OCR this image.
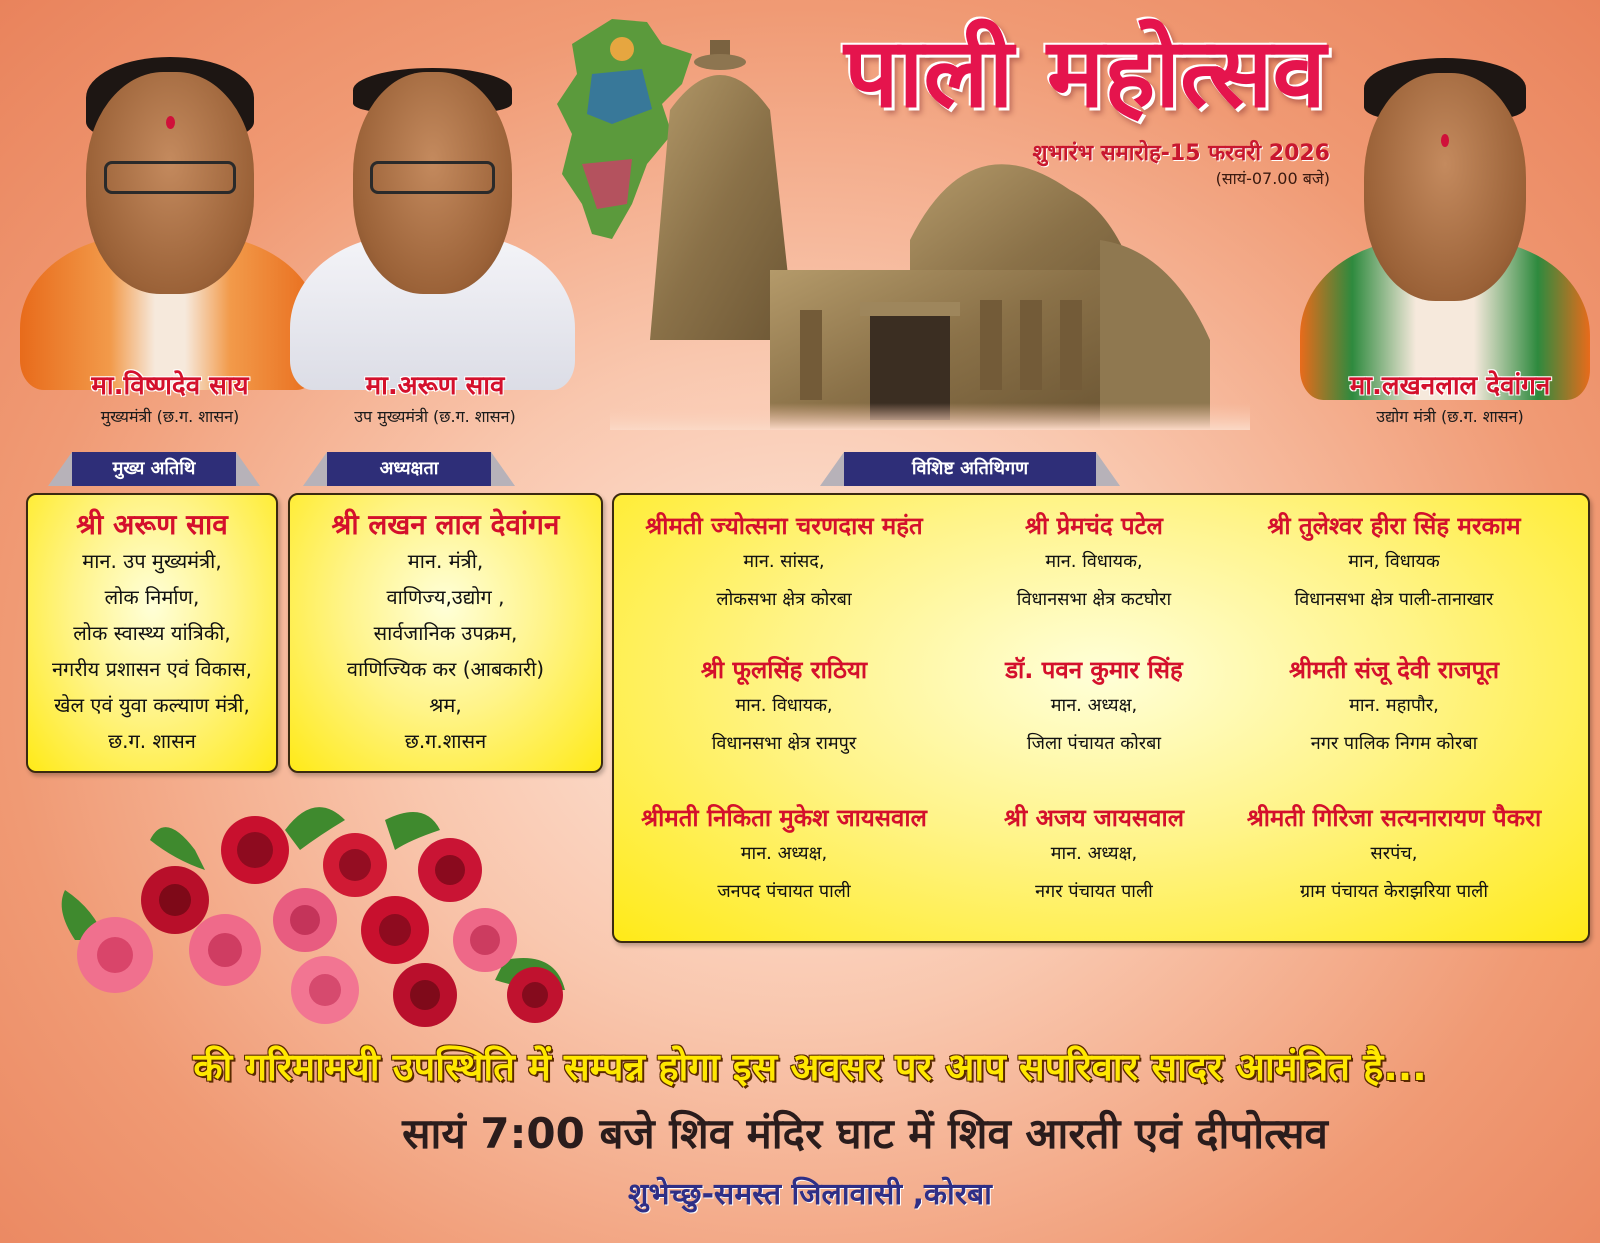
पाली महोत्सव
शुभारंभ समारोह-15 फरवरी 2026
(सायं-07.00 बजे)
मा.विष्णदेव साय
मुख्यमंत्री (छ.ग. शासन)
मा.अरूण साव
उप मुख्यमंत्री (छ.ग. शासन)
मा.लखनलाल देवांगन
उद्योग मंत्री (छ.ग. शासन)
मुख्य अतिथि	अध्यक्षता	विशिष्ट अतिथिगण
श्री अरूण साव
मान. उप मुख्यमंत्री,
लोक निर्माण,
लोक स्वास्थ्य यांत्रिकी,
नगरीय प्रशासन एवं विकास,
खेल एवं युवा कल्याण मंत्री,
छ.ग. शासन
श्री लखन लाल देवांगन
मान. मंत्री,
वाणिज्य,उद्योग ,
सार्वजानिक उपक्रम,
वाणिज्यिक कर (आबकारी)
श्रम,
छ.ग.शासन
श्रीमती ज्योत्सना चरणदास महंत
मान. सांसद,
लोकसभा क्षेत्र कोरबा
श्री प्रेमचंद पटेल
मान. विधायक,
विधानसभा क्षेत्र कटघोरा
श्री तुलेश्वर हीरा सिंह मरकाम
मान, विधायक
विधानसभा क्षेत्र पाली-तानाखार
श्री फूलसिंह राठिया
मान. विधायक,
विधानसभा क्षेत्र रामपुर
डॉ. पवन कुमार सिंह
मान. अध्यक्ष,
जिला पंचायत कोरबा
श्रीमती संजू देवी राजपूत
मान. महापौर,
नगर पालिक निगम कोरबा
श्रीमती निकिता मुकेश जायसवाल
मान. अध्यक्ष,
जनपद पंचायत पाली
श्री अजय जायसवाल
मान. अध्यक्ष,
नगर पंचायत पाली
श्रीमती गिरिजा सत्यनारायण पैकरा
सरपंच,
ग्राम पंचायत केराझरिया पाली
की गरिमामयी उपस्थिति में सम्पन्न होगा इस अवसर पर आप सपरिवार सादर आमंत्रित है...
सायं 7:00 बजे शिव मंदिर घाट में शिव आरती एवं दीपोत्सव
शुभेच्छु-समस्त जिलावासी ,कोरबा
